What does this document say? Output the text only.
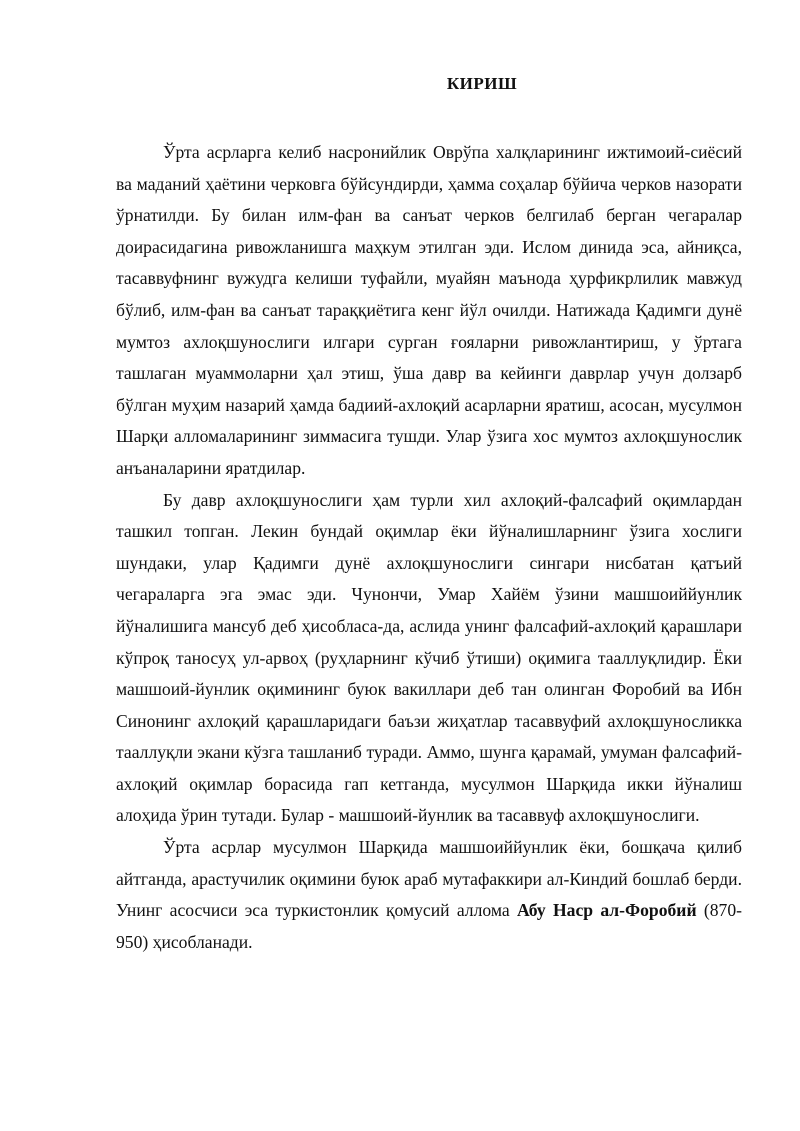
КИРИШ

Ўрта асрларга келиб насронийлик Оврўпа халқларининг ижтимоий-сиёсий ва маданий ҳаётини черковга бўйсундирди, ҳамма соҳалар бўйича черков назорати ўрнатилди. Бу билан илм-фан ва санъат черков белгилаб берган чегаралар доирасидагина ривожланишга маҳкум этилган эди. Ислом динида эса, айниқса, тасаввуфнинг вужудга келиши туфайли, муайян маънода ҳурфикрлилик мавжуд бўлиб, илм-фан ва санъат тараққиётига кенг йўл очилди. Натижада Қадимги дунё мумтоз ахлоқшунослиги илгари сурган ғояларни ривожлантириш, у ўртага ташлаган муаммоларни ҳал этиш, ўша давр ва кейинги даврлар учун долзарб бўлган муҳим назарий ҳамда бадиий-ахлоқий асарларни яратиш, асосан, мусулмон Шарқи алломаларининг зиммасига тушди. Улар ўзига хос мумтоз ахлоқшунослик анъаналарини яратдилар.

Бу давр ахлоқшунослиги ҳам турли хил ахлоқий-фалсафий оқимлардан ташкил топган. Лекин бундай оқимлар ёки йўналишларнинг ўзига хослиги шундаки, улар Қадимги дунё ахлоқшунослиги сингари нисбатан қатъий чегараларга эга эмас эди. Чунончи, Умар Хайём ўзини машшоиййунлик йўналишига мансуб деб ҳисобласа-да, аслида унинг фалсафий-ахлоқий қарашлари кўпроқ таносуҳ ул-арвоҳ (руҳларнинг кўчиб ўтиши) оқимига тааллуқлидир. Ёки машшоий-йунлик оқимининг буюк вакиллари деб тан олинган Форобий ва Ибн Синонинг ахлоқий қарашларидаги баъзи жиҳатлар тасаввуфий ахлоқшуносликка тааллуқли экани кўзга ташланиб туради. Аммо, шунга қарамай, умуман фалсафий-ахлоқий оқимлар борасида гап кетганда, мусулмон Шарқида икки йўналиш алоҳида ўрин тутади. Булар - машшоий-йунлик ва тасаввуф ахлоқшунослиги.

Ўрта асрлар мусулмон Шарқида машшоиййунлик ёки, бошқача қилиб айтганда, арастучилик оқимини буюк араб мутафаккири ал-Киндий бошлаб берди. Унинг асосчиси эса туркистонлик қомусий аллома Абу Наср ал-Форобий (870-950) ҳисобланади.
